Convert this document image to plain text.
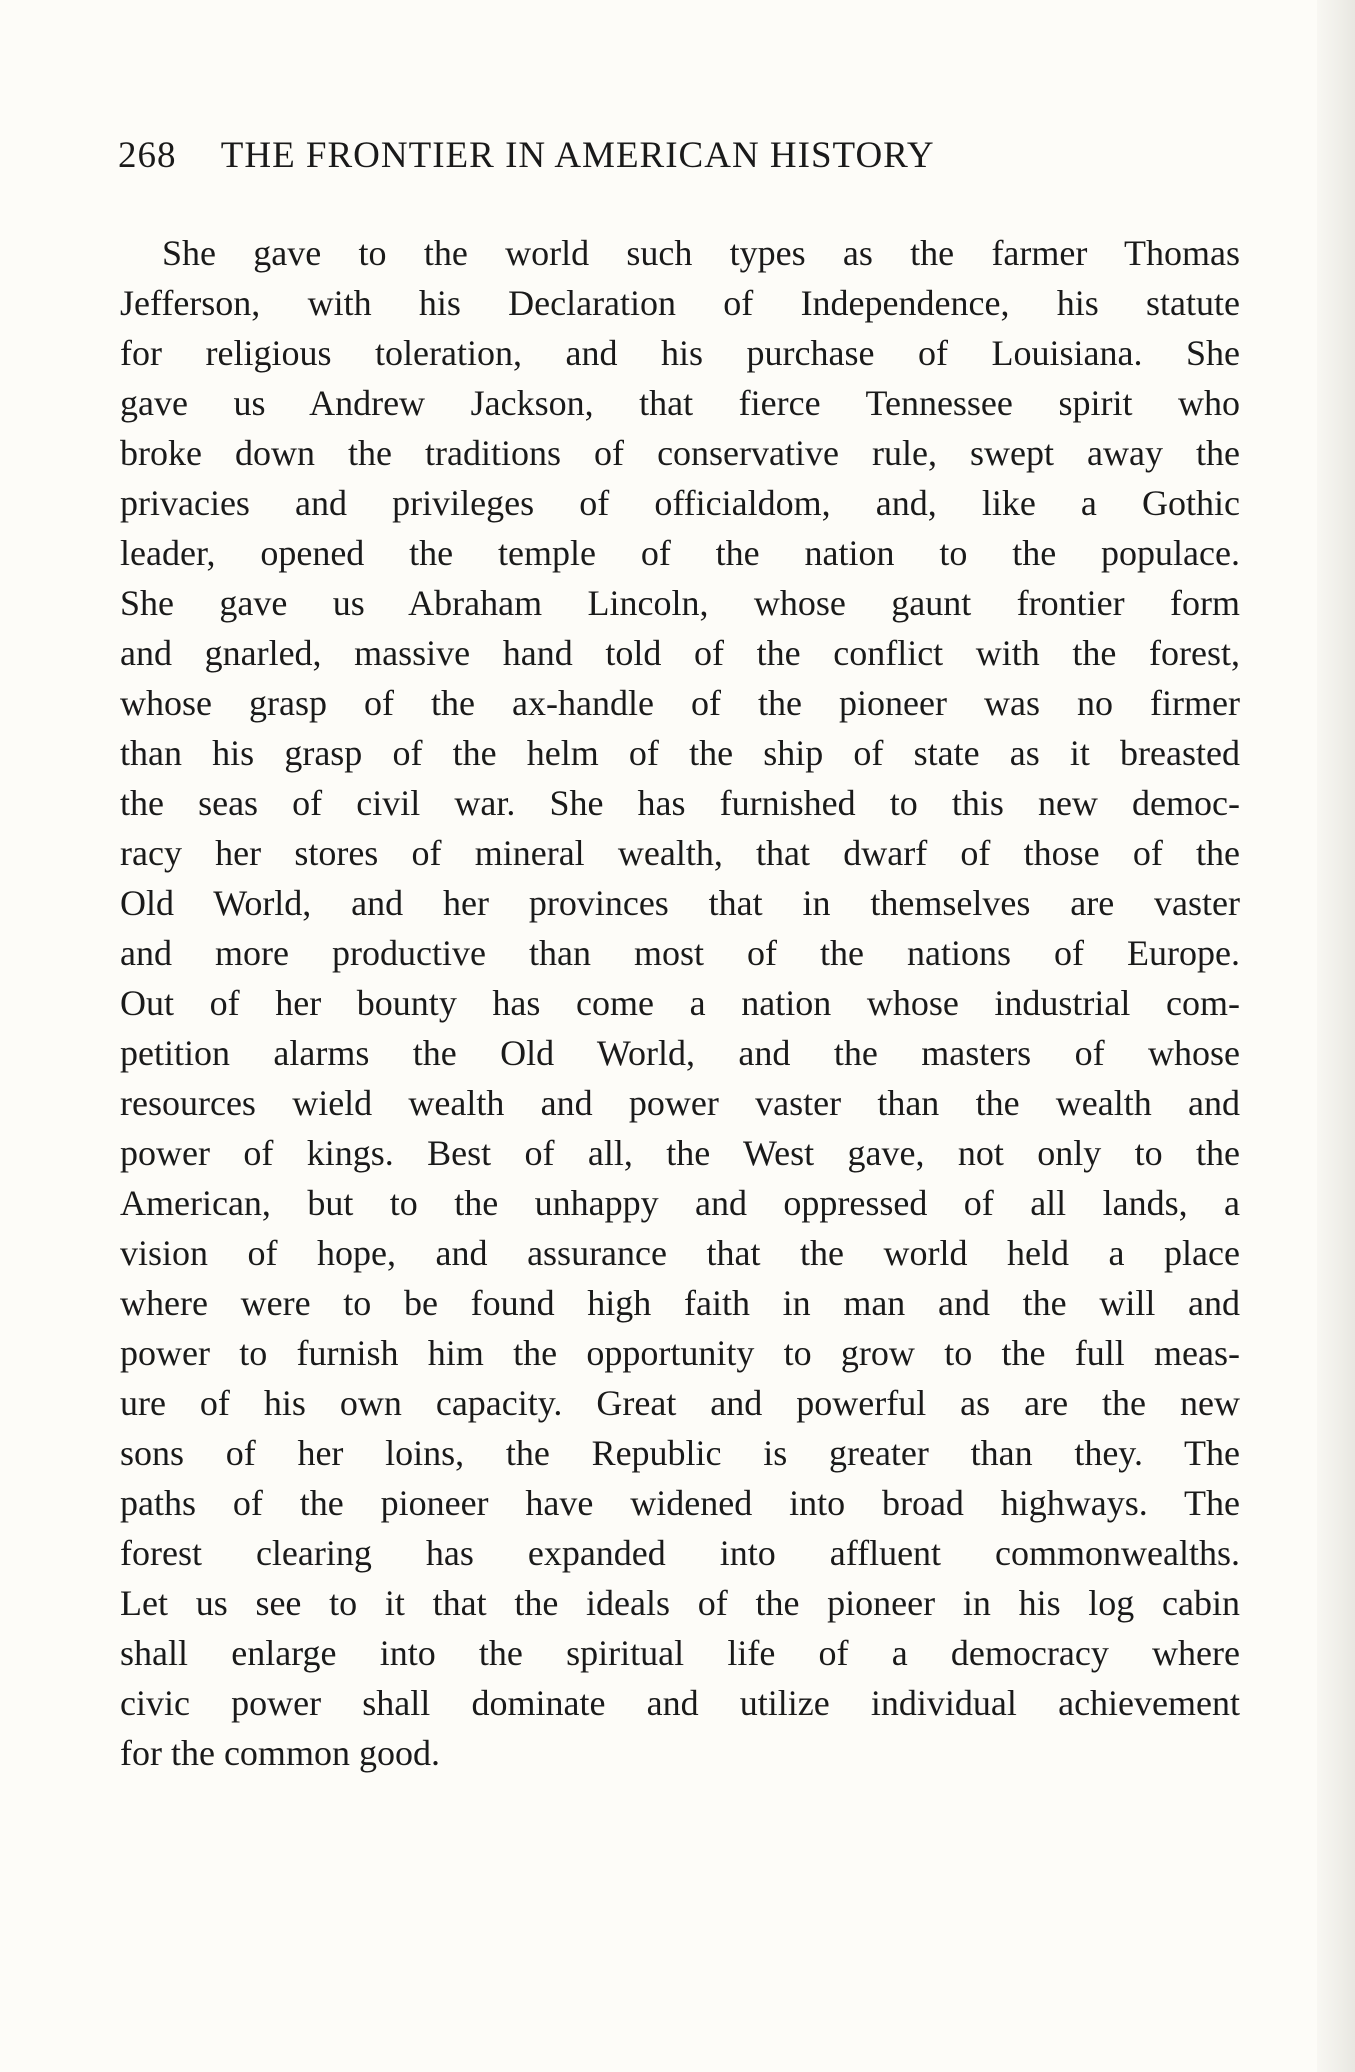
268 THE FRONTIER IN AMERICAN HISTORY
She gave to the world such types as the farmer Thomas
Jefferson, with his Declaration of Independence, his statute
for religious toleration, and his purchase of Louisiana. She
gave us Andrew Jackson, that fierce Tennessee spirit who
broke down the traditions of conservative rule, swept away the
privacies and privileges of officialdom, and, like a Gothic
leader, opened the temple of the nation to the populace.
She gave us Abraham Lincoln, whose gaunt frontier form
and gnarled, massive hand told of the conflict with the forest,
whose grasp of the ax-handle of the pioneer was no firmer
than his grasp of the helm of the ship of state as it breasted
the seas of civil war. She has furnished to this new democ-
racy her stores of mineral wealth, that dwarf of those of the
Old World, and her provinces that in themselves are vaster
and more productive than most of the nations of Europe.
Out of her bounty has come a nation whose industrial com-
petition alarms the Old World, and the masters of whose
resources wield wealth and power vaster than the wealth and
power of kings. Best of all, the West gave, not only to the
American, but to the unhappy and oppressed of all lands, a
vision of hope, and assurance that the world held a place
where were to be found high faith in man and the will and
power to furnish him the opportunity to grow to the full meas-
ure of his own capacity. Great and powerful as are the new
sons of her loins, the Republic is greater than they. The
paths of the pioneer have widened into broad highways. The
forest clearing has expanded into affluent commonwealths.
Let us see to it that the ideals of the pioneer in his log cabin
shall enlarge into the spiritual life of a democracy where
civic power shall dominate and utilize individual achievement
for the common good.
